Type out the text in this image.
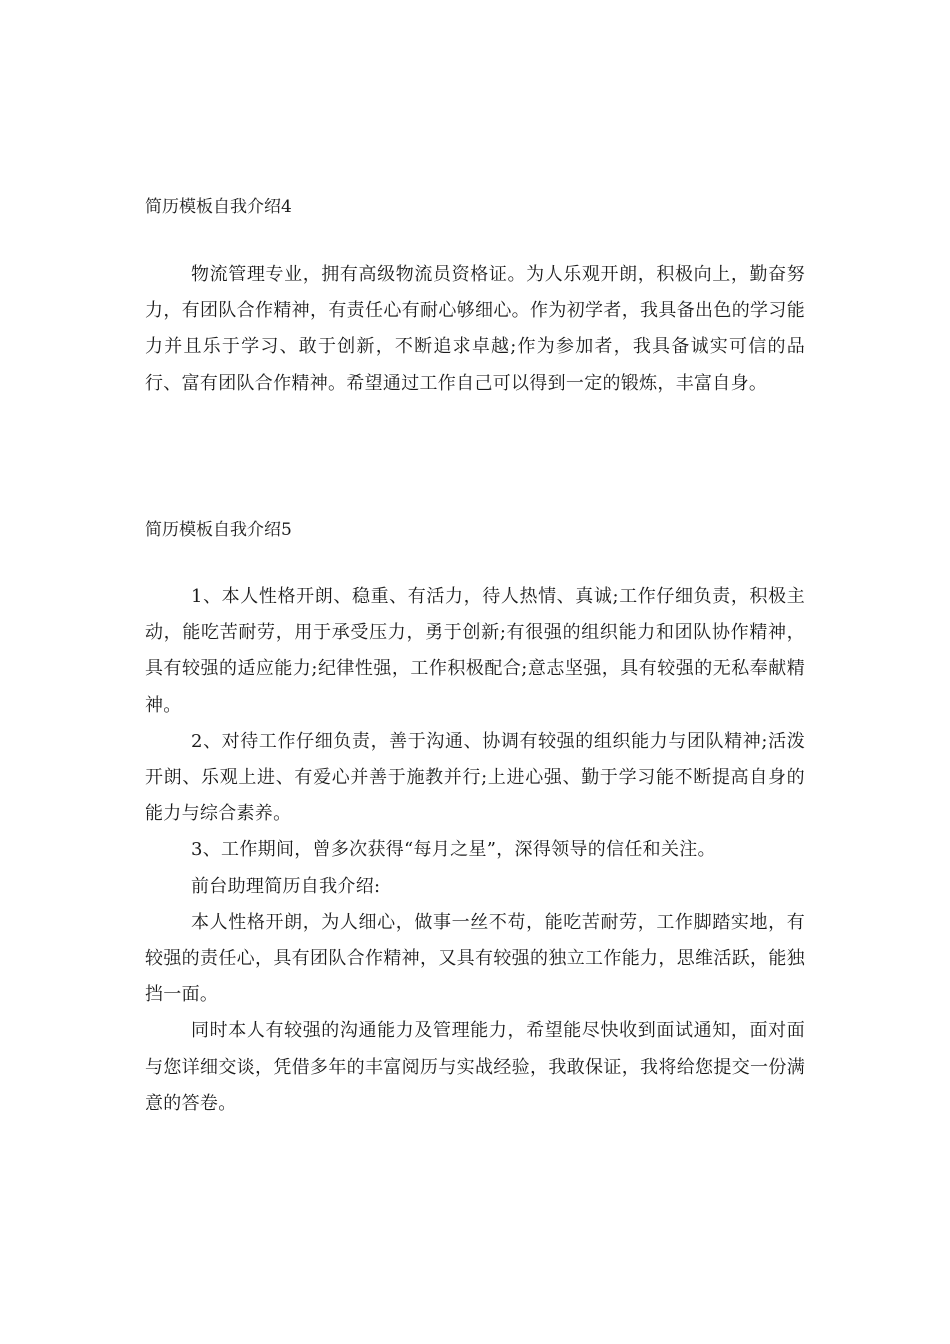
简历模板自我介绍4

物流管理专业，拥有高级物流员资格证。为人乐观开朗，积极向上，勤奋努力，有团队合作精神，有责任心有耐心够细心。作为初学者，我具备出色的学习能力并且乐于学习、敢于创新，不断追求卓越;作为参加者，我具备诚实可信的品行、富有团队合作精神。希望通过工作自己可以得到一定的锻炼，丰富自身。

简历模板自我介绍5

1、本人性格开朗、稳重、有活力，待人热情、真诚;工作仔细负责，积极主动，能吃苦耐劳，用于承受压力，勇于创新;有很强的组织能力和团队协作精神，具有较强的适应能力;纪律性强，工作积极配合;意志坚强，具有较强的无私奉献精神。

2、对待工作仔细负责，善于沟通、协调有较强的组织能力与团队精神;活泼开朗、乐观上进、有爱心并善于施教并行;上进心强、勤于学习能不断提高自身的能力与综合素养。

3、工作期间，曾多次获得“每月之星”，深得领导的信任和关注。

前台助理简历自我介绍:

本人性格开朗，为人细心，做事一丝不苟，能吃苦耐劳，工作脚踏实地，有较强的责任心，具有团队合作精神，又具有较强的独立工作能力，思维活跃，能独挡一面。

同时本人有较强的沟通能力及管理能力，希望能尽快收到面试通知，面对面与您详细交谈，凭借多年的丰富阅历与实战经验，我敢保证，我将给您提交一份满意的答卷。
